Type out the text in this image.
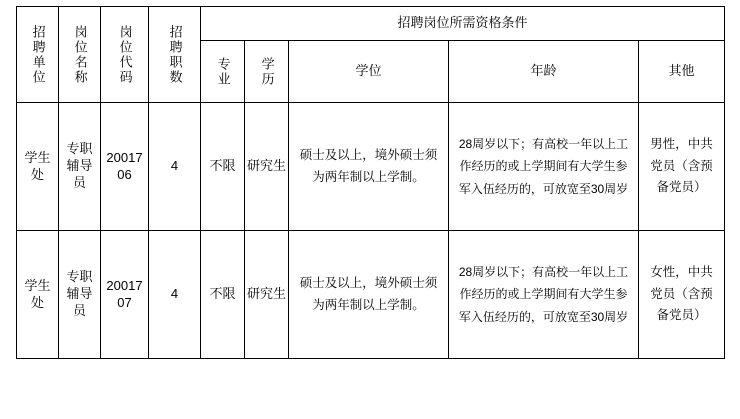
招聘单位	岗位名称	岗位代码	招聘职数	招聘岗位所需资格条件				

				专业	学历	学位	年龄	其他

学生处	专职辅导员	2001706	4	不限	研究生	硕士及以上，境外硕士须为两年制以上学制。	28周岁以下；有高校一年以上工作经历的或上学期间有大学生参军入伍经历的，可放宽至30周岁	男性，中共党员（含预备党员）

学生处	专职辅导员	2001707	4	不限	研究生	硕士及以上，境外硕士须为两年制以上学制。	28周岁以下；有高校一年以上工作经历的或上学期间有大学生参军入伍经历的，可放宽至30周岁	女性，中共党员（含预备党员）
